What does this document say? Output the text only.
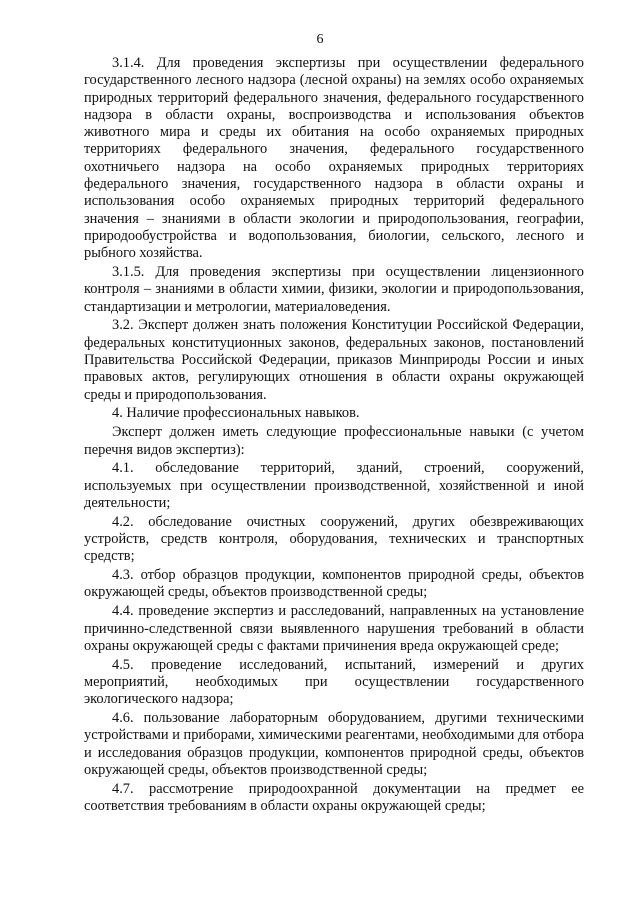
6

3.1.4. Для проведения экспертизы при осуществлении федерального государственного лесного надзора (лесной охраны) на землях особо охраняемых природных территорий федерального значения, федерального государственного надзора в области охраны, воспроизводства и использования объектов животного мира и среды их обитания на особо охраняемых природных территориях федерального значения, федерального государственного охотничьего надзора на особо охраняемых природных территориях федерального значения, государственного надзора в области охраны и использования особо охраняемых природных территорий федерального значения – знаниями в области экологии и природопользования, географии, природообустройства и водопользования, биологии, сельского, лесного и рыбного хозяйства.

3.1.5. Для проведения экспертизы при осуществлении лицензионного контроля – знаниями в области химии, физики, экологии и природопользования, стандартизации и метрологии, материаловедения.

3.2. Эксперт должен знать положения Конституции Российской Федерации, федеральных конституционных законов, федеральных законов, постановлений Правительства Российской Федерации, приказов Минприроды России и иных правовых актов, регулирующих отношения в области охраны окружающей среды и природопользования.

4. Наличие профессиональных навыков.

Эксперт должен иметь следующие профессиональные навыки (с учетом перечня видов экспертиз):

4.1. обследование территорий, зданий, строений, сооружений, используемых при осуществлении производственной, хозяйственной и иной деятельности;

4.2. обследование очистных сооружений, других обезвреживающих устройств, средств контроля, оборудования, технических и транспортных средств;

4.3. отбор образцов продукции, компонентов природной среды, объектов окружающей среды, объектов производственной среды;

4.4. проведение экспертиз и расследований, направленных на установление причинно-следственной связи выявленного нарушения требований в области охраны окружающей среды с фактами причинения вреда окружающей среде;

4.5. проведение исследований, испытаний, измерений и других мероприятий, необходимых при осуществлении государственного экологического надзора;

4.6. пользование лабораторным оборудованием, другими техническими устройствами и приборами, химическими реагентами, необходимыми для отбора и исследования образцов продукции, компонентов природной среды, объектов окружающей среды, объектов производственной среды;

4.7. рассмотрение природоохранной документации на предмет ее соответствия требованиям в области охраны окружающей среды;
